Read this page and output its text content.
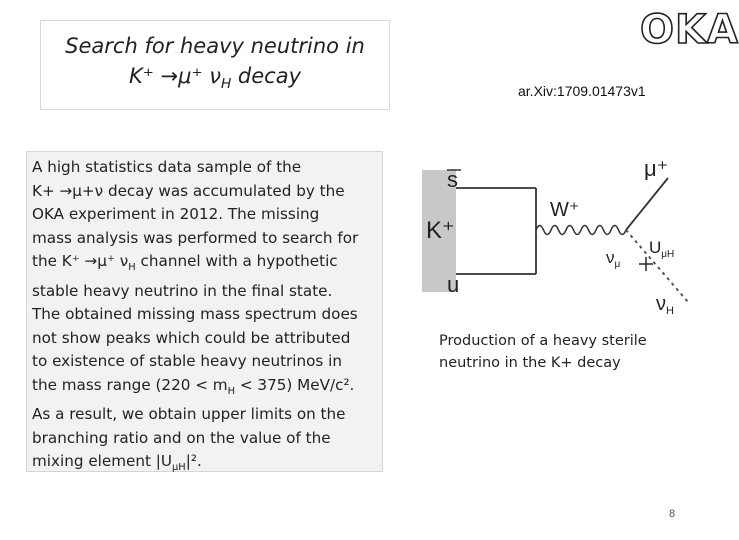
Search for heavy neutrino in
K⁺ →μ⁺ $\nu_H$ decay
OKA
ar.Xiv:1709.01473v1
A high statistics data sample of the
K+ →μ+ν decay was accumulated by the
OKA experiment in 2012. The missing
mass analysis was performed to search for
the K⁺ →μ⁺ $\nu_H$ channel with a hypothetic
stable heavy neutrino in the final state.
The obtained missing mass spectrum does
not show peaks which could be attributed
to existence of stable heavy neutrinos in
the mass range $(220 < m_H < 375)$ MeV/c².
As a result, we obtain upper limits on the
branching ratio and on the value of the
mixing element $|U_{\mu H}|^2$.
K⁺
s
u
W⁺
μ⁺
$\nu_\mu$
$U_{\mu H}$
$\nu_H$
Production of a heavy sterile
neutrino in the K+ decay
8
